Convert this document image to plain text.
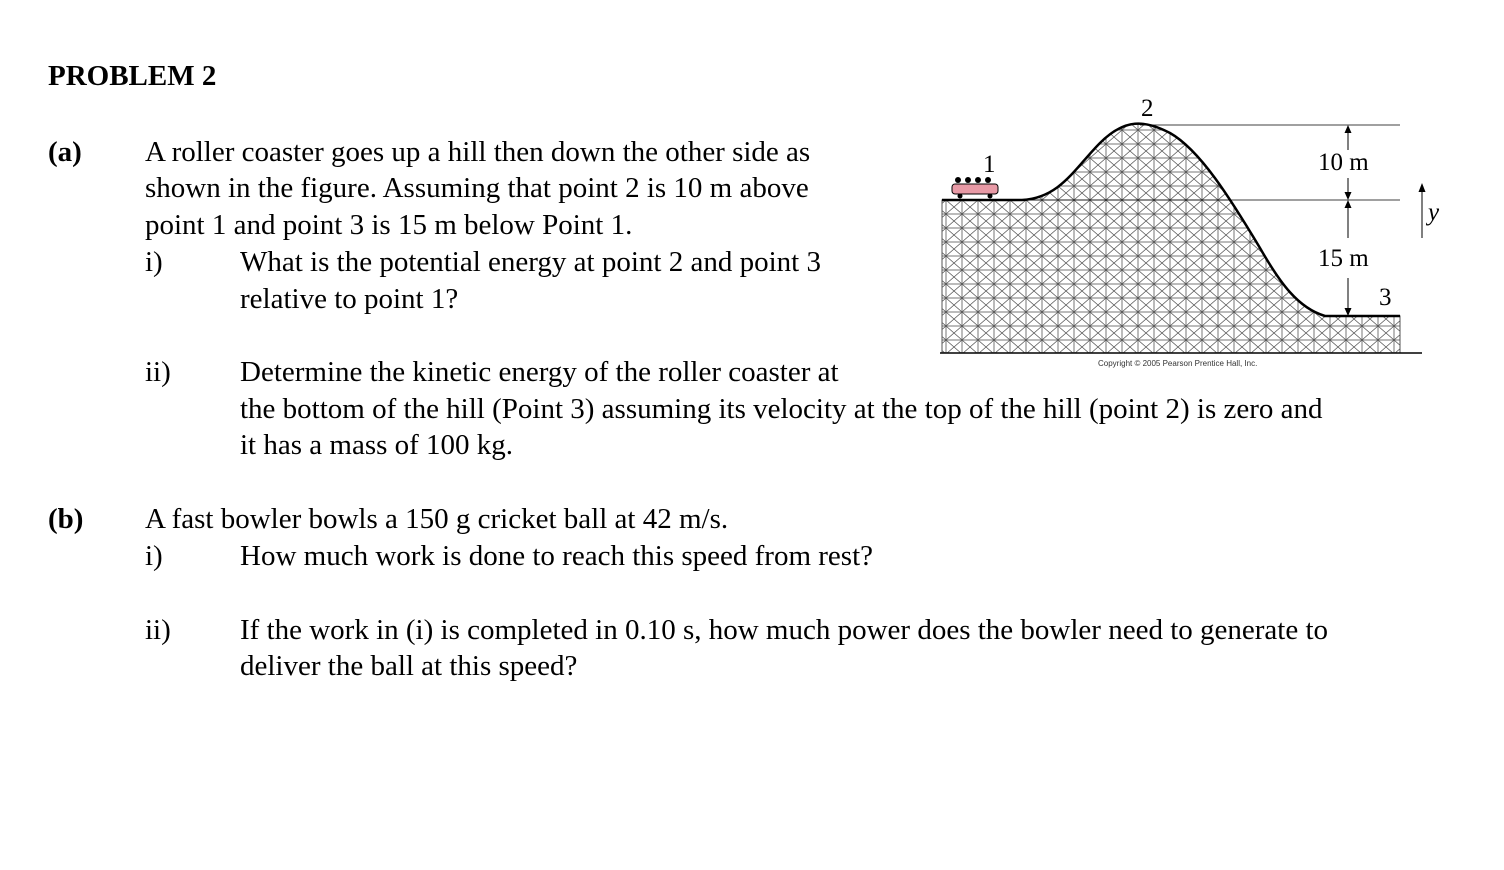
PROBLEM 2
(a) A roller coaster goes up a hill then down the other side as
shown in the figure. Assuming that point 2 is 10 m above
point 1 and point 3 is 15 m below Point 1.
i)	What is the potential energy at point 2 and point 3
relative to point 1?
ii) Determine the kinetic energy of the roller coaster at
the bottom of the hill (Point 3) assuming its velocity at the top of the hill (point 2) is zero and
it has a mass of 100 kg.
(b) A fast bowler bowls a 150 g cricket ball at 42 m/s.
i)	How much work is done to reach this speed from rest?
ii) If the work in (i) is completed in 0.10 s, how much power does the bowler need to generate to
deliver the ball at this speed?
10 m
15 m
y
1
2
3
Copyright © 2005 Pearson Prentice Hall, Inc.
